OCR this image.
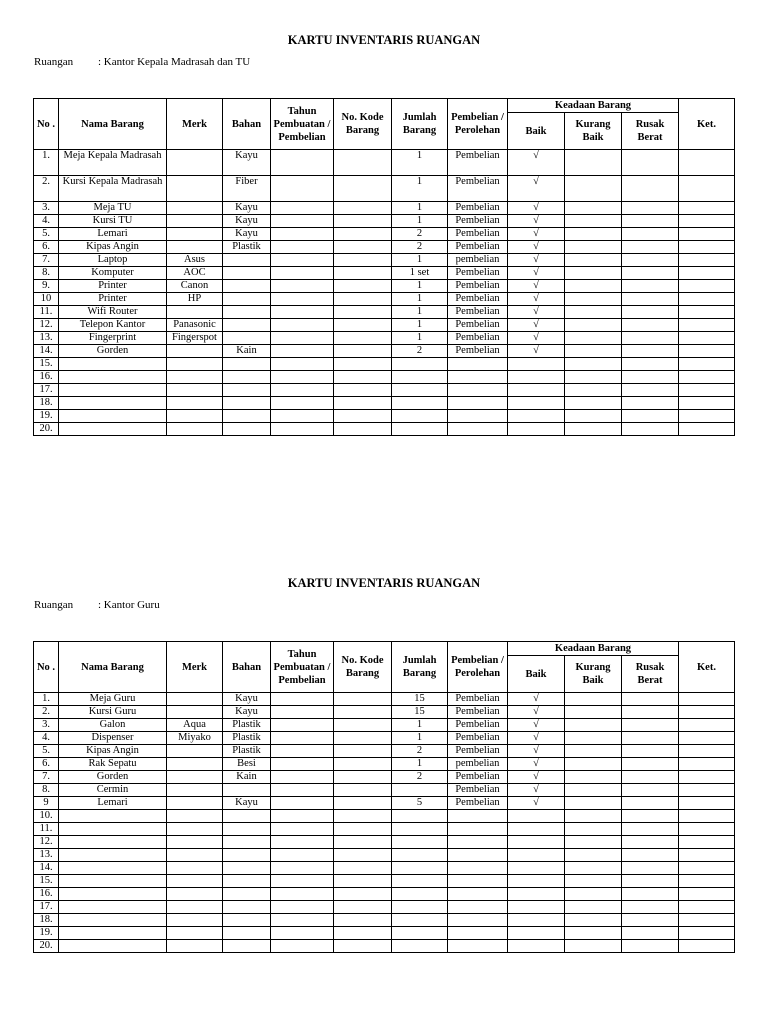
KARTU INVENTARIS RUANGAN
Ruangan : Kantor Kepala Madrasah dan TU
No .	Nama Barang	Merk	Bahan	Tahun Pembuatan / Pembelian	No. Kode Barang	Jumlah Barang	Pembelian / Perolehan	Keadaan Barang			Ket.
								Baik	Kurang Baik	Rusak Berat	
1.	Meja Kepala Madrasah		Kayu			1	Pembelian	√			
2.	Kursi Kepala Madrasah		Fiber			1	Pembelian	√			
3.	Meja TU		Kayu			1	Pembelian	√			
4.	Kursi TU		Kayu			1	Pembelian	√			
5.	Lemari		Kayu			2	Pembelian	√			
6.	Kipas Angin		Plastik			2	Pembelian	√			
7.	Laptop	Asus				1	pembelian	√			
8.	Komputer	AOC				1 set	Pembelian	√			
9.	Printer	Canon				1	Pembelian	√			
10	Printer	HP				1	Pembelian	√			
11.	Wifi Router					1	Pembelian	√			
12.	Telepon Kantor	Panasonic				1	Pembelian	√			
13.	Fingerprint	Fingerspot				1	Pembelian	√			
14.	Gorden		Kain			2	Pembelian	√			
15.											
16.											
17.											
18.											
19.											
20.											
KARTU INVENTARIS RUANGAN
Ruangan : Kantor Guru
No .	Nama Barang	Merk	Bahan	Tahun Pembuatan / Pembelian	No. Kode Barang	Jumlah Barang	Pembelian / Perolehan	Keadaan Barang			Ket.
								Baik	Kurang Baik	Rusak Berat	
1.	Meja Guru		Kayu			15	Pembelian	√			
2.	Kursi Guru		Kayu			15	Pembelian	√			
3.	Galon	Aqua	Plastik			1	Pembelian	√			
4.	Dispenser	Miyako	Plastik			1	Pembelian	√			
5.	Kipas Angin		Plastik			2	Pembelian	√			
6.	Rak Sepatu		Besi			1	pembelian	√			
7.	Gorden		Kain			2	Pembelian	√			
8.	Cermin						Pembelian	√			
9	Lemari		Kayu			5	Pembelian	√			
10.											
11.											
12.											
13.											
14.											
15.											
16.											
17.											
18.											
19.											
20.											
